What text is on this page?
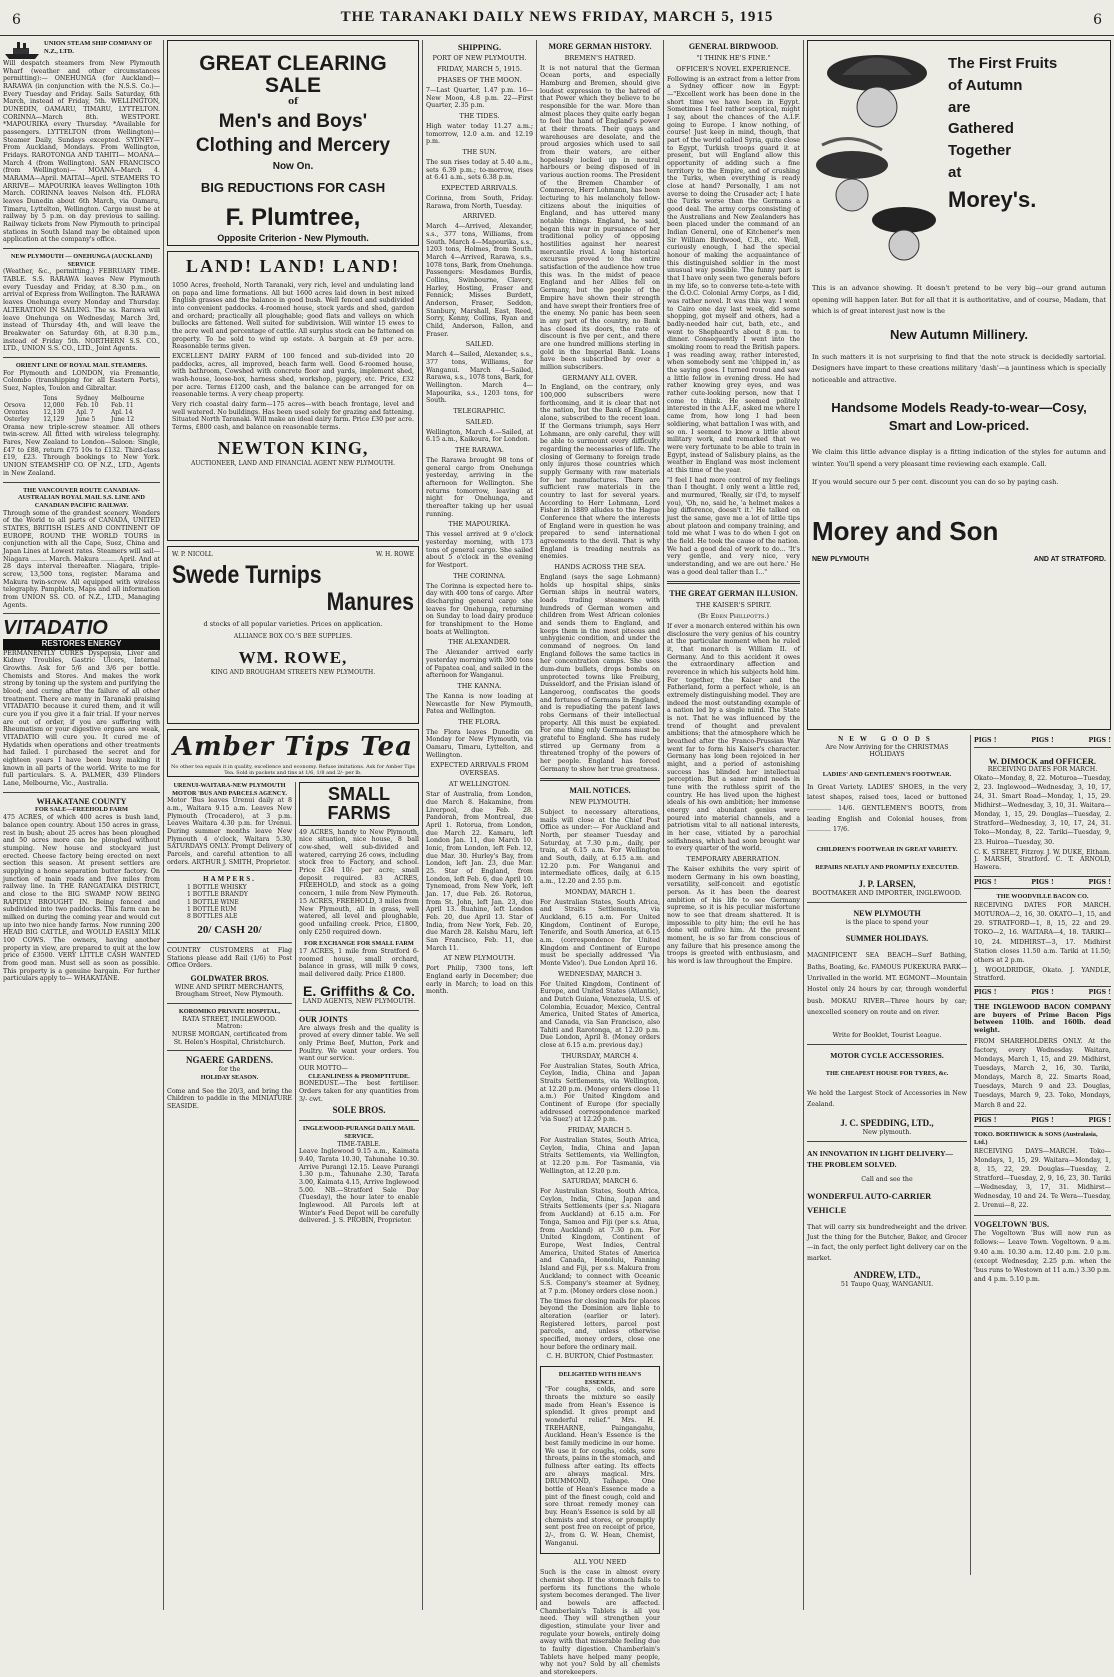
THE TARANAKI DAILY NEWS FRIDAY, MARCH 5, 1915
6	6
UNION STEAM SHIP COMPANY OF N.Z., LTD.

Will despatch steamers from New Plymouth Wharf (weather and other circumstances permitting):— ONEHUNGA (for Auckland)— RARAWA (in conjunction with the N.S.S. Co.)—Every Tuesday and Friday. Sails Saturday, 6th March, instead of Friday, 5th. WELLINGTON, DUNEDIN, OAMARU, TIMARU, LYTTELTON. CORINNA—March 8th. WESTPORT. *MAPOURIKA every Thursday. *Available for passengers. LYTTELTON (from Wellington)—Steamer Daily, Sundays excepted. SYDNEY— From Auckland, Mondays. From Wellington, Fridays. RAROTONGA AND TAHITI— MOANA—March 4 (from Wellington). SAN FRANCISCO (from Wellington)— MOANA—March 4. MARAMA—April. MAITAI—April. STEAMERS TO ARRIVE— MAPOURIKA leaves Wellington 10th March. CORINNA leaves Nelson 4th. FLORA leaves Dunedin about 6th March, via Oamaru, Timaru, Lyttelton, Wellington. Cargo must be at railway by 5 p.m. on day previous to sailing. Railway tickets from New Plymouth to principal stations in South Island may be obtained upon application at the company's office.

NEW PLYMOUTH — ONEHUNGA (AUCKLAND) SERVICE

(Weather, &c., permitting.) FEBRUARY TIME-TABLE. S.S. RARAWA leaves New Plymouth every Tuesday and Friday, at 8.30 p.m., on arrival of Express from Wellington. The RARAWA leaves Onehunga every Monday and Thursday. ALTERATION IN SAILING. The ss. Rarawa will leave Onehunga on Wednesday, March 3rd, instead of Thursday 4th, and will leave the Breakwater on Saturday 6th, at 8.30 p.m., instead of Friday 5th. NORTHERN S.S. CO., LTD., UNION S.S. CO., LTD., Joint Agents.

ORIENT LINE OF ROYAL MAIL STEAMERS.

For Plymouth and LONDON, via Fremantle, Colombo (transhipping for all Eastern Ports), Suez, Naples, Toulon and Gibraltar.

	Tons	Sydney	Melbourne
Orsova	12,000	Feb. 10	Feb. 11
Orontes	12,130	Apl. 7	Apl. 14
Osterley	12,129	June 5	June 12

Orama new triple-screw steamer. All others twin-screw. All fitted with wireless telegraphy. Fares, New Zealand to London—Saloon: Single, £47 to £88, return £75 10s to £132. Third-class £19, £23. Through bookings to New York. UNION STEAMSHIP CO. OF N.Z., LTD., Agents in New Zealand.

THE VANCOUVER ROUTE CANADIAN-AUSTRALIAN ROYAL MAIL S.S. LINE AND CANADIAN PACIFIC RAILWAY.

Through some of the grandest scenery. Wonders of the World to all parts of CANADA, UNITED STATES, BRITISH ISLES AND CONTINENT OF EUROPE, ROUND THE WORLD TOURS in conjunction with all the Cape, Suez, China and Japan Lines at Lowest rates. Steamers will sail— Niagara ........ March. Makura ........ April. And at 28 days interval thereafter. Niagara, triple-screw, 13,500 tons, register. Marama and Makura twin-screw. All equipped with wireless telegraphy. Pamphlets, Maps and all information from UNION SS. CO. of N.Z., LTD., Managing Agents.

VITADATIO
RESTORES ENERGY

PERMANENTLY CURES Dyspepsia, Liver and Kidney Troubles, Gastric Ulcers, Internal Growths. Ask for 5/6 and 3/6 per bottle. Chemists and Stores. And makes the work strong by toning up the system and purifying the blood; and curing after the failure of all other treatment. There are many in Taranaki praising VITADATIO because it cured them, and it will cure you if you give it a fair trial. If your nerves are out of order, if you are suffering with Rheumatism or your digestive organs are weak, VITADATIO will cure you. It cured me of Hydatids when operations and other treatments had failed. I purchased the secret and for eighteen years I have been busy making it known in all parts of the world. Write to me for full particulars. S. A. PALMER, 439 Flinders Lane, Melbourne, Vic., Australia.

WHAKATANE COUNTY
FOR SALE—FREEHOLD FARM

475 ACRES, of which 400 acres is bush land, balance open country. About 150 acres in grass, rest in bush; about 25 acres has been ploughed and 50 acres more can be ploughed without stumping. New house and stockyard just erected. Cheese factory being erected on next section this season. At present settlers are supplying a home separation butter factory. On junction of main roads and five miles from railway line. In THE RANGATAIKA DISTRICT, and close to the BIG SWAMP NOW BEING RAPIDLY BROUGHT IN. Being fenced and subdivided into two paddocks. This farm can be milked on during the coming year and would cut up into two nice handy farms. Now running 200 HEAD BIG CATTLE, and WOULD EASILY MILK 100 COWS. The owners, having another property in view, are prepared to quit at the low price of £3500. VERY LITTLE CASH WANTED from good man. Must sell as soon as possible. This property is a genuine bargain. For further particulars apply to— WHAKATANE.

GREAT CLEARING SALE
of
Men's and Boys'
Clothing and Mercery
Now On.
BIG REDUCTIONS FOR CASH
F. Plumtree,
Opposite Criterion - New Plymouth.
LAND! LAND! LAND!

1050 Acres, freehold, North Taranaki, very rich, level and undulating land on papa and lime formations. All but 1600 acres laid down in best mixed English grasses and the balance in good bush. Well fenced and subdivided into convenient paddocks. 4-roomed house, stock yards and shed, garden and orchard; practically all ploughable; good flats and valleys on which bullocks are fattened. Well suited for subdivision. Will winter 15 ewes to the acre well and percentage of cattle. All surplus stock can be fattened on property. To be sold to wind up estate. A bargain at £9 per acre. Reasonable terms given.

EXCELLENT DAIRY FARM of 100 fenced and sub-divided into 20 paddocks, acres, all improved, beach farm well. Good 6-roomed house, with bathroom, Cowshed with concrete floor and yards, implement shed, wash-house, loose-box, harness shed, workshop, piggery, etc. Price, £32 per acre. Terms £1200 cash, and the balance can be arranged for on reasonable terms. A very cheap property.

Very rich coastal dairy farm—175 acres—with beach frontage, level and well watered. No buildings. Has been used solely for grazing and fattening. Situated North Taranaki. Will make an ideal dairy farm. Price £30 per acre. Terms, £800 cash, and balance on reasonable terms.

NEWTON KING,
AUCTIONEER, LAND AND FINANCIAL AGENT NEW PLYMOUTH.
W. P. NICOLL	W. H. ROWE
Swede Turnips
Manures
d stocks of all popular varieties. Prices on application.
ALLIANCE BOX CO.'S BEE SUPPLIES.
WM. ROWE,
KING AND BROUGHAM STREETS NEW PLYMOUTH.
Amber Tips Tea
No other tea equals it in quality, excellence and economy. Refuse imitations. Ask for Amber Tips Tea. Sold in packets and tins at 1/6, 1/8 and 2/- per lb.
URENUI-WAITARA-NEW PLYMOUTH MOTOR 'BUS AND PARCELS AGENCY.

Motor 'Bus leaves Urenui daily at 8 a.m., Waitara 9.15 a.m. Leaves New Plymouth (Trocadero), at 3 p.m. Leaves Waitara 4.30 p.m. for Urenui. During summer months leave New Plymouth 4 o'clock, Waitara 5.30, SATURDAYS ONLY. Prompt Delivery of Parcels, and careful attention to all orders. ARTHUR J. SMITH, Proprietor.

HAMPERS.
1 BOTTLE WHISKY
1 BOTTLE BRANDY
1 BOTTLE WINE
1 BOTTLE RUM
8 BOTTLES ALE
20/ CASH 20/

COUNTRY CUSTOMERS at Flag Stations please add Rail (1/6) to Post Office Orders.

GOLDWATER BROS.
WINE AND SPIRIT MERCHANTS,
Brougham Street, New Plymouth.
KOROMIKO PRIVATE HOSPITAL,
RATA STREET, INGLEWOOD.
Matron:
NURSE MORGAN, certificated from St. Helen's Hospital, Christchurch.
NGAERE GARDENS.
for the
HOLIDAY SEASON.

Come and See the 20/3, and bring the Children to paddle in the MINIATURE SEASIDE.

SMALL FARMS

49 ACRES, handy to New Plymouth, nice situation, nice house, 8 ball cow-shed, well sub-divided and watered, carrying 26 cows, including stock free to Factory, and school. Price £34 10/- per acre; small deposit required. 83 ACRES, FREEHOLD, and stock as a going concern, 1 mile from New Plymouth. 15 ACRES, FREEHOLD, 3 miles from New Plymouth, all in grass, well watered, all level and ploughable, good unfailing creek. Price, £1800, only £250 required down.

FOR EXCHANGE FOR SMALL FARM

17 ACRES, 1 mile from Stratford 6-roomed house, small orchard, balance in grass, will milk 9 cows, mail delivered daily. Price £1800.

E. Griffiths & Co.
LAND AGENTS, NEW PLYMOUTH.
OUR JOINTS

Are always fresh and the quality is proved at every dinner table. We sell only Prime Beef, Mutton, Pork and Poultry. We want your orders. You want our service.

OUR MOTTO—
CLEANLINESS & PROMPTITUDE.

BONEDUST.—The best fertiliser. Orders taken for any quantities from 3/- cwt.

SOLE BROS.
INGLEWOOD-PURANGI DAILY MAIL SERVICE.
TIME-TABLE.

Leave Inglewood 9.15 a.m., Kaimata 9.40, Tarata 10.30, Tahunahe 10.30. Arrive Purangi 12.15. Leave Purangi 1.30 p.m., Tahunahe 2.30, Tarata 3.00, Kaimata 4.15, Arrive Inglewood 5.00. NB.—Stratford Sale Day (Tuesday), the hour later to enable Inglewood. All Parcels left at Winter's Feed Depot will be carefully delivered. J. S. PROBIN, Proprietor.

SHIPPING.
PORT OF NEW PLYMOUTH.
FRIDAY, MARCH 5, 1915.
PHASES OF THE MOON.

7—Last Quarter, 1.47 p.m. 16—New Moon, 4.8 p.m. 22—First Quarter, 2.35 p.m.

THE TIDES.

High water today 11.27 a.m.; tomorrow, 12.0 a.m. and 12.19 p.m.

THE SUN.

The sun rises today at 5.40 a.m., sets 6.39 p.m.; to-morrow, rises at 6.41 a.m., sets 6.38 p.m.

EXPECTED ARRIVALS.

Corinna, from South, Friday. Rarawa, from North, Tuesday.

ARRIVED.

March 4—Arrived, Alexander, s.s., 377 tons, Williams, from South. March 4—Mapourika, s.s., 1203 tons, Holmes, from South. March 4—Arrived, Rarawa, s.s., 1078 tons, Bark, from Onehunga. Passengers: Mesdames Burdis, Collins, Swinbourne, Clavery, Harley, Hosting, Fraser and Fennick; Misses Burdett, Anderson, Fraser, Seddon, Stanbury, Marshall, East, Reed, Sorry, Kenny, Collins, Ryan and Child, Anderson, Fallon, and Fraser.

SAILED.

March 4—Sailed, Alexander, s.s., 377 tons, Williams, for Wanganui. March 4—Sailed, Rarawa, s.s., 1078 tons, Bark, for Wellington. March 4—Mapourika, s.s., 1203 tons, for South.

TELEGRAPHIC.
SAILED.

Wellington, March 4.—Sailed, at 6.15 a.m., Kaikoura, for London.

THE RARAWA.

The Rarawa brought 98 tons of general cargo from Onehunga yesterday, arriving in the afternoon for Wellington. She returns tomorrow, leaving at night for Onehunga, and thereafter taking up her usual running.

THE MAPOURIKA.

This vessel arrived at 9 o'clock yesterday morning, with 173 tons of general cargo. She sailed about 5 o'clock in the evening for Westport.

THE CORINNA.

The Corinna is expected here to-day with 400 tons of cargo. After discharging general cargo she leaves for Onehunga, returning on Sunday to load dairy produce for transhipment to the Home boats at Wellington.

THE ALEXANDER.

The Alexander arrived early yesterday morning with 300 tons of Papatea coal, and sailed in the afternoon for Wanganui.

THE KANNA.

The Kanna is now loading at Newcastle for New Plymouth, Patea and Wellington.

THE FLORA.

The Flora leaves Dunedin on Monday for New Plymouth, via Oamaru, Timaru, Lyttelton, and Wellington.

EXPECTED ARRIVALS FROM OVERSEAS.
AT WELLINGTON.

Star of Australia, from London, due March 8. Hakamine, from Liverpool, due Feb. 28. Pandorah, from Montreal, due April 1. Rotorua, from London, due March 22. Kamaru, left London Jan. 11, due March 10. Ionic, from London, left Feb. 12, due Mar. 30. Hurley's Bay, from London, left Jan. 23, due Mar. 25. Star of England, from London, left Feb. 6, due April 10. Tynemead, from New York, left Jan. 17, due Feb. 26. Rotorua, from St. John, left Jan. 23, due April 13. Ruahine, left London Feb. 20, due April 13. Star of India, from New York, Feb. 20, due March 28. Kelshu Maru, left San Francisco, Feb. 11, due March 11.

AT NEW PLYMOUTH.

Port Philip, 7300 tons, left England early in December; due early in March; to load on this month.

MORE GERMAN HISTORY.
BREMEN'S HATRED.

It is not natural that the German Ocean ports, and especially Hamburg and Bremen, should give loudest expression to the hatred of that Power which they believe to be responsible for the war. More than almost places they quite early began to feel the hand of England's power at their throats. Their quays and warehouses are desolate, and the proud argosies which used to sail from their waters, are either hopelessly locked up in neutral harbours or being disposed of in various auction rooms. The President of the Bremen Chamber of Commerce, Herr Lohmann, has been lecturing to his melancholy fellow-citizens about the iniquities of England, and has uttered many notable things. England, he said, began this war in pursuance of her traditional policy of opposing hostilities against her nearest mercantile rival. A long historical excursus proved to the entire satisfaction of the audience how true this was. In the midst of peace England and her Allies fell on Germany, but the people of the Empire have shown their strength and have swept their frontiers free of the enemy. No panic has been seen in any part of the country, no Bank has closed its doors, the rate of discount is five per cent., and there are one hundred millions sterling in gold in the Imperial Bank. Loans have been subscribed by over a million subscribers.

GERMANY ALL OVER.

In England, on the contrary, only 100,000 subscribers were forthcoming, and it is clear that not the nation, but the Bank of England alone, subscribed to the recent loan. If the Germans triumph, says Herr Lohmann, are only careful, they will be able to surmount every difficulty regarding the necessaries of life. The closing of Germany to foreign trade only injures those countries which supply Germany with raw materials for her manufactures. There are sufficient raw materials in the country to last for several years. According to Herr Lohmann, Lord Fisher in 1889 alludes to the Hague Conference that where the interests of England were in question he was prepared to send international agreements to the devil. That is why England is treading neutrals as enemies.

HANDS ACROSS THE SEA.

England (says the sage Lohmann) holds up hospital ships, sinks German ships in neutral waters, loads trading steamers with hundreds of German women and children from West African colonies and sends them to England, and keeps them in the most piteous and unhygienic condition, and under the command of negroes. On land England follows the same tactics in her concentration camps. She uses dum-dum bullets, drops bombs on unprotected towns like Freiburg, Dusseldorf, and the Frisian island of Langeroog, confiscates the goods and fortunes of Germans in England, and is repudiating the patent laws robs Germans of their intellectual property. All this must be expiated. For one thing only Germans must be grateful to England. She has rudely stirred up Germany from a threatened trophy of the powers of her people. England has forced Germany to show her true greatness.

MAIL NOTICES.
NEW PLYMOUTH.

Subject to necessary alterations, mails will close at the Chief Post Office as under:— For Auckland and North, per steamer Tuesday and Saturday, at 7.30 p.m., daily, per train, at 6.15 a.m. For Wellington and South, daily, at 6.15 a.m. and 12.20 p.m. For Wanganui and intermediate offices, daily, at 6.15 a.m., 12.20 and 2.55 p.m.

MONDAY, MARCH 1.

For Australian States, South Africa, and Straits Settlements, via Auckland, 6.15 a.m. For United Kingdom, Continent of Europe, Tenerife, and South America, at 6.15 a.m. (correspondence for United Kingdom and Continent of Europe must be specially addressed 'Via Monte Video'). Due London April 16.

WEDNESDAY, MARCH 3.

For United Kingdom, Continent of Europe, and United States (Atlantic), and Dutch Guiana, Venezuela, U.S. of Colombia, Ecuador, Mexico, Central America, United States of America, and Canada, via San Francisco, also Tahiti and Rarotonga, at 12.20 p.m. Due London, April 8. (Money orders close at 6.15 a.m. previous day.)

THURSDAY, MARCH 4.

For Australian States, South Africa, Ceylon, India, China and Japan Straits Settlements, via Wellington, at 12.20 p.m. (Money orders close 11 a.m.) For United Kingdom and Continent of Europe (for specially addressed correspondence marked 'via Suez') at 12.20 p.m.

FRIDAY, MARCH 5.

For Australian States, South Africa, Ceylon, India, China and Japan Straits Settlements, via Wellington, at 12.20 p.m. For Tasmania, via Wellington, at 12.20 p.m.

SATURDAY, MARCH 6.

For Australian States, South Africa, Ceylon, India, China, Japan and Straits Settlements (per s.s. Niagara from Auckland) at 6.15 a.m. For Tonga, Samoa and Fiji (per s.s. Atua, from Auckland) at 7.30 p.m. For United Kingdom, Continent of Europe, West Indies, Central America, United States of America and Canada, Honolulu, Fanning Island and Fiji, per s.s. Makura from Auckland; to connect with Oceanic S.S. Company's steamer at Sydney, at 7 p.m. (Money orders close noon.)

The times for closing mails for places beyond the Dominion are liable to alteration (earlier or later). Registered letters, parcel post parcels, and, unless otherwise specified, money orders, close one hour before the ordinary mail.

C. H. BURTON, Chief Postmaster.
DELIGHTED WITH HEAN'S ESSENCE.

"For coughs, colds, and sore throats the mixture so easily made from Hean's Essence is splendid. It gives prompt and wonderful relief." Mrs. H. TREHARNE, Paingangahu, Auckland. Hean's Essence is the best family medicine in our home. We use it for coughs, colds, sore throats, pains in the stomach, and fullness after eating. Its effects are always magical. Mrs. DRUMMOND, Taihape. One bottle of Hean's Essence made a pint of the finest cough, cold and sore throat remedy money can buy. Hean's Essence is sold by all chemists and stores, or promptly sent post free on receipt of price, 2/-, from G. W. Hean, Chemist, Wanganui.

ALL YOU NEED

Such is the case in almost every chemist shop. If the stomach fails to perform its functions the whole system becomes deranged. The liver and bowels are affected. Chamberlain's Tablets is all you need. They will strengthen your digestion, stimulate your liver and regulate your bowels, entirely doing away with that miserable feeling due to faulty digestion. Chamberlain's Tablets have helped many people, why not you? Sold by all chemists and storekeepers.

GENERAL BIRDWOOD.
"I THINK HE'S FINE."
OFFICER'S NOVEL EXPERIENCE.

Following is an extract from a letter from a Sydney officer now in Egypt:—"Excellent work has been done in the short time we have been in Egypt. Sometimes I feel rather sceptical, might I say, about the chances of the A.I.F. going to Europe. I know nothing, of course! Just keep in mind, though, that part of the world called Syria, quite close to Egypt, Turkish troops guard it at present, but will England allow this opportunity of adding such a fine territory to the Empire, and of crushing the Turks, when everything is ready close at hand? Personally, I am not averse to doing the Crusader act; I hate the Turks worse than the Germans a good deal. The army corps consisting of the Australians and New Zealanders has been placed under the command of an Indian General, one of Kitchener's men Sir William Birdwood, C.B., etc. Well, curiously enough, I had the special honour of making the acquaintance of this distinguished soldier in the most unusual way possible. The funny part is that I have only seen two generals before in my life, so to converse tete-a-tete with the G.O.C. Colonial Army Corps, as I did, was rather novel. It was this way. I went to Cairo one day last week, did some shopping, got myself and others, had a badly-needed hair cut, bath, etc., and went to Shepheard's about 8 p.m. to dinner. Consequently I went into the smoking room to read the British papers. I was reading away, rather interested, when somebody sent me 'chipped in,' as the saying goes. I turned round and saw a little fellow in evening dress. He had rather knowing grey eyes, and was rather cute-looking person, now that I come to think. He seemed politely interested in the A.I.F., asked me where I came from, how long I had been soldiering, what battalion I was with, and so on. I seemed to know a little about military work, and remarked that we were very fortunate to be able to train in Egypt, instead of Salisbury plains, as the weather in England was most inclement at this time of the year.

"I feel I had more control of my feelings than I thought. I only went a little red, and murmured, 'Really, sir (I'd, to myself you), 'Oh, no, said he, 'a helmet makes a big difference, doesn't it.' He talked on just the same, gave me a lot of little tips about platoon and company training, and told me what I was to do when I got on the field. He took the cause of the nation. We had a good deal of work to do... 'It's very gentle, and very nice, very understanding, and we are out here.' He was a good deal taller than I..."

THE GREAT GERMAN ILLUSION.
THE KAISER'S SPIRIT.
(By Eden Phillpotts.)

If ever a monarch entered within his own disclosure the very genius of his country at the particular moment when he ruled it, that monarch is William II. of Germany. And to this accident it owes the extraordinary affection and reverence in which his subjects hold him. For together, the Kaiser and the Fatherland, form a perfect whole, is an extremely distinguishing model. They are indeed the most outstanding example of a nation led by a single mind. The State is not. That he was influenced by the trend of thought and prevalent ambitions; that the atmosphere which he breathed after the Franco-Prussian War went far to form his Kaiser's character. Germany has long been rejoiced in her might, and a period of astonishing success has blinded her intellectual perception. But a saner mind needs in tune with the ruthless spirit of the country. He has lived upon the highest ideals of his own ambition; her immense energy and abundant genius were poured into material channels, and a patriotism vital to all national interests, in her case, vitiated by a parochial selfishness, which had soon brought war to every quarter of the world.

TEMPORARY ABERRATION.

The Kaiser exhibits the very spirit of modern Germany in his own boasting, versatility, self-conceit and egotistic person. As it has been the dearest ambition of his life to see Germany supreme, so it is his peculiar misfortune now to see that dream shattered. It is impossible to pity him; the evil he has done will outlive him. At the present moment, he is so far from conscious of any failure that his presence among the troops is greeted with enthusiasm, and his word is law throughout the Empire.

The First Fruits
of Autumn
are
Gathered
Together
at
Morey's.

This is an advance showing. It doesn't pretend to be very big—our grand autumn opening will happen later. But for all that it is authoritative, and of course, Madam, that which is of great interest just now is the

New Autumn Millinery.

In such matters it is not surprising to find that the note struck is decidedly sartorial. Designers have impart to these creations military 'dash'—a jauntiness which is specially noticeable and attractive.

Handsome Models Ready-to-wear—Cosy, Smart and Low-priced.

We claim this little advance display is a fitting indication of the styles for autumn and winter. You'll spend a very pleasant time reviewing each example. Call.

If you would secure our 5 per cent. discount you can do so by paying cash.

Morey and Son
NEW PLYMOUTH	AND AT STRATFORD.
NEW GOODS
Are Now Arriving for the CHRISTMAS HOLIDAYS
LADIES' AND GENTLEMEN'S FOOTWEAR.

In Great Variety. LADIES' SHOES, in the very latest shapes, raised toes, laced or buttoned ............ 14/6. GENTLEMEN'S BOOTS, from leading English and Colonial houses, from ............ 17/6.

CHILDREN'S FOOTWEAR IN GREAT VARIETY.
REPAIRS NEATLY AND PROMPTLY EXECUTED.
J. P. LARSEN,
BOOTMAKER AND IMPORTER, INGLEWOOD.
NEW PLYMOUTH
is the place to spend your
SUMMER HOLIDAYS.

MAGNIFICENT SEA BEACH—Surf Bathing, Baths, Boating, &c. FAMOUS PUKEKURA PARK—Unrivalled in the world. MT. EGMONT—Mountain Hostel only 24 hours by car, through wonderful bush. MOKAU RIVER—Three hours by car; unexcelled scenery on route and on river.

Write for Booklet, Tourist League.
MOTOR CYCLE ACCESSORIES.
THE CHEAPEST HOUSE FOR TYRES, &c.

We hold the Largest Stock of Accessories in New Zealand.

J. C. SPEDDING, LTD.,
New plymouth.
AN INNOVATION IN LIGHT DELIVERY—THE PROBLEM SOLVED.
Call and see the
WONDERFUL AUTO-CARRIER VEHICLE

That will carry six hundredweight and the driver. Just the thing for the Butcher, Baker, and Grocer—in fact, the only perfect light delivery car on the market.

ANDREW, LTD.,
51 Taupo Quay, WANGANUI.
PIGS !	PIGS !	PIGS !
W. DIMOCK and OFFICER.
RECEIVING DATES FOR MARCH.

Okato—Monday, 8, 22. Moturoa—Tuesday, 2, 23. Inglewood—Wednesday, 3, 10, 17, 24, 31. Smart Road—Monday, 1, 15, 29. Midhirst—Wednesday, 3, 10, 31. Waitara—Monday, 1, 15, 29. Douglas—Tuesday, 2. Stratford—Wednesday, 3, 10, 17, 24, 31. Toko—Monday, 8, 22. Tariki—Tuesday, 9, 23. Huiroa—Tuesday, 30.

C. K. STREET, Fitzroy. J. W. DUKE, Eltham. J. MARSH, Stratford. C. T. ARNOLD, Hawera.

PIGS !	PIGS !	PIGS !
THE WOODVILLE BACON CO.

RECEIVING DATES FOR MARCH. MOTUROA—2, 16, 30. OKATO—1, 15, and 29. STRATFORD—1, 8, 15, 22 and 29. TOKO—2, 16. WAITARA—4, 18. TARIKI—10, 24. MIDHIRST—3, 17. Midhirst Station closes 11.50 a.m. Tariki at 11.50; others at 2 p.m.

J. WOOLDRIDGE, Okato. J. YANDLE, Stratford.

PIGS !	PIGS !	PIGS !

THE INGLEWOOD BACON COMPANY are buyers of Prime Bacon Pigs between 110lb. and 160lb. dead weight.

FROM SHAREHOLDERS ONLY. At the factory, every Wednesday. Waitara, Mondays, March 1, 15, and 29. Midhirst, Tuesdays, March 2, 16, 30. Tariki, Mondays, March 8, 22. Smarts Road, Tuesdays, March 9 and 23. Douglas, Tuesdays, March 9, 23. Toko, Mondays, March 8 and 22.

PIGS !	PIGS !	PIGS !
TOKO. BORTHWICK & SONS (Australasia, Ltd.)

RECEIVING DAYS—MARCH. Toko—Mondays, 1, 15, 29. Waitara—Monday, 1, 8, 15, 22, 29. Douglas—Tuesday, 2. Stratford—Tuesday, 2, 9, 16, 23, 30. Tariki—Wednesday, 3, 17, 31. Midhirst—Wednesday, 10 and 24. Te Wera—Tuesday, 2. Urenui—8, 22.

VOGELTOWN 'BUS.

The Vogeltown 'Bus will now run as follows:— Leave Town. Vogeltown. 9 a.m. 9.40 a.m. 10.30 a.m. 12.40 p.m. 2.0 p.m. (except Wednesday, 2.25 p.m. when the 'bus runs to Westown at 11 a.m.) 3.30 p.m. and 4 p.m. 5.10 p.m.
